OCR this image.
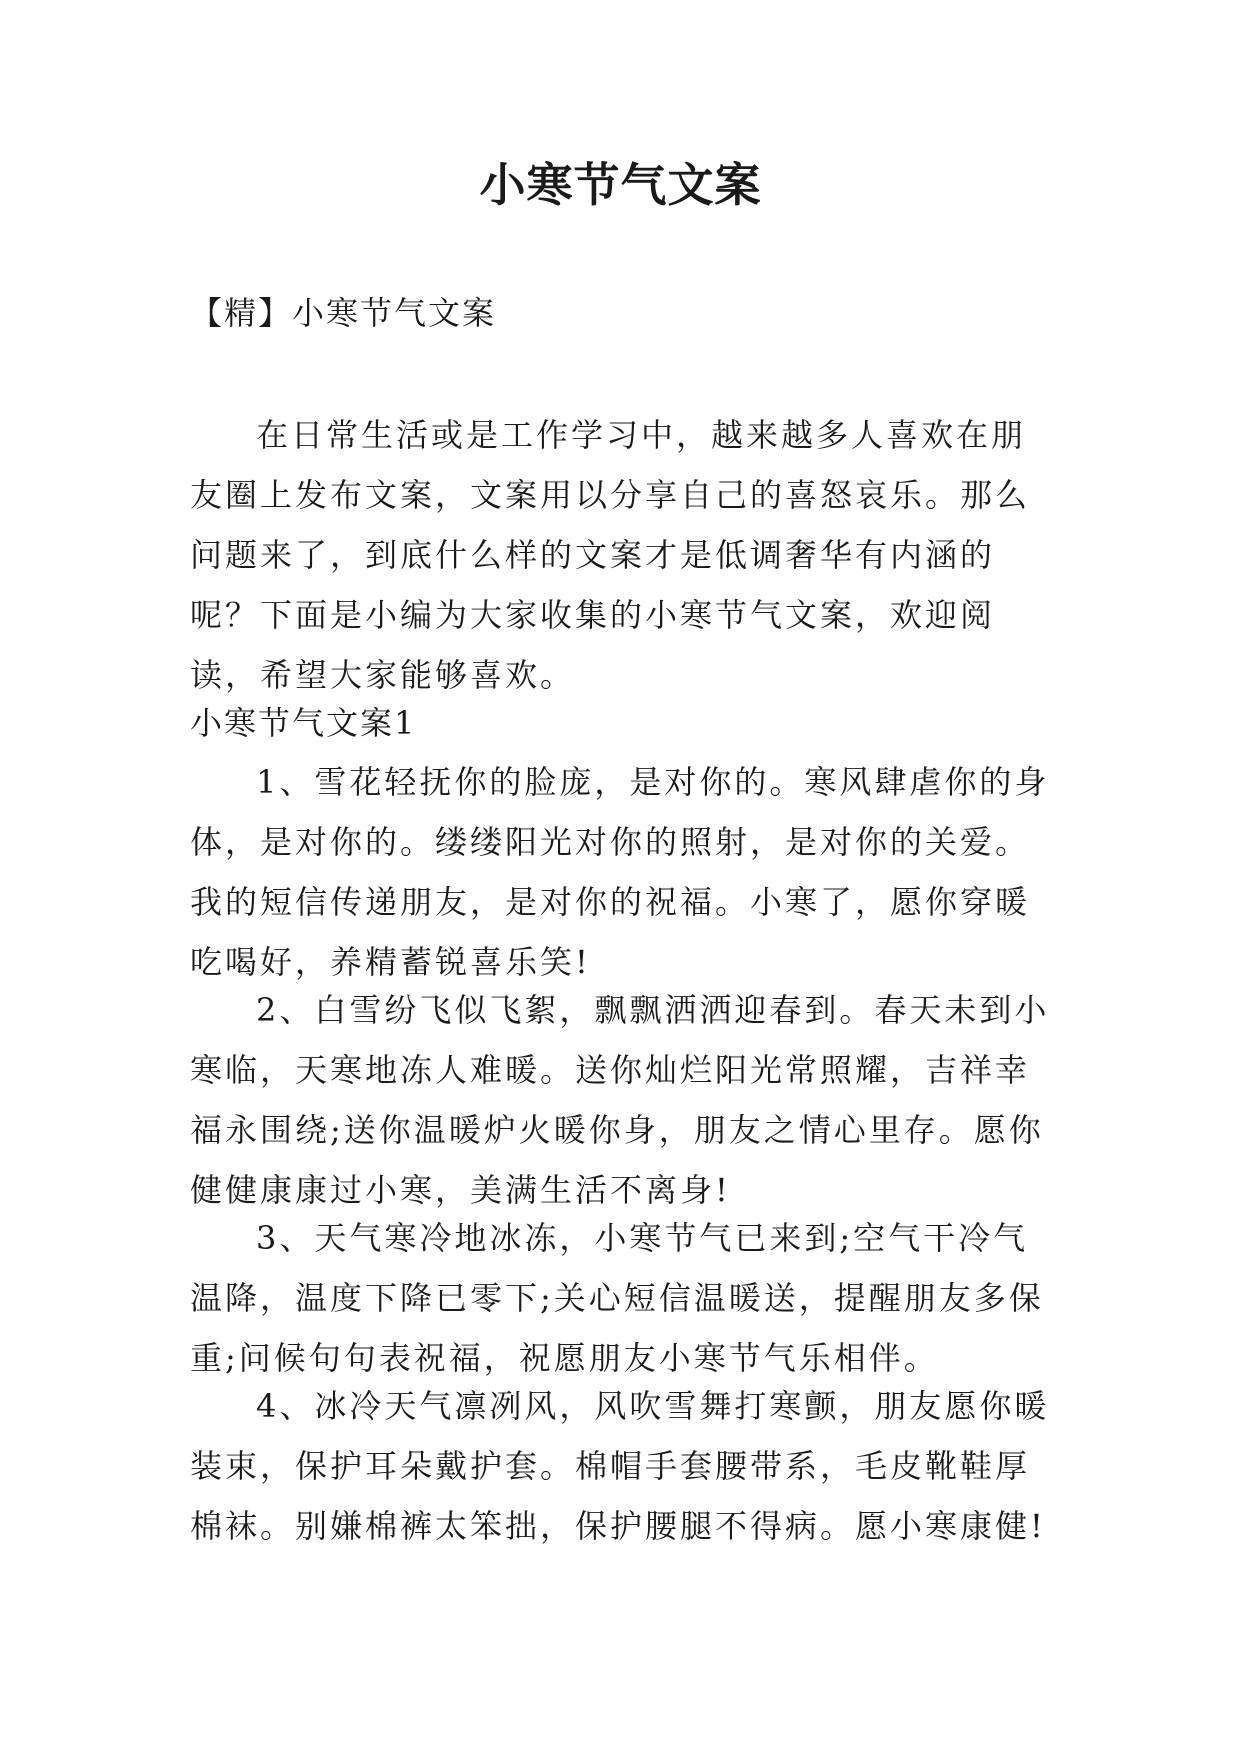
小寒节气文案

【精】小寒节气文案

在日常生活或是工作学习中，越来越多人喜欢在朋友圈上发布文案，文案用以分享自己的喜怒哀乐。那么问题来了，到底什么样的文案才是低调奢华有内涵的呢？下面是小编为大家收集的小寒节气文案，欢迎阅读，希望大家能够喜欢。

小寒节气文案1

1、雪花轻抚你的脸庞，是对你的。寒风肆虐你的身体，是对你的。缕缕阳光对你的照射，是对你的关爱。我的短信传递朋友，是对你的祝福。小寒了，愿你穿暖吃喝好，养精蓄锐喜乐笑!

2、白雪纷飞似飞絮，飘飘洒洒迎春到。春天未到小寒临，天寒地冻人难暖。送你灿烂阳光常照耀，吉祥幸福永围绕;送你温暖炉火暖你身，朋友之情心里存。愿你健健康康过小寒，美满生活不离身!

3、天气寒冷地冰冻，小寒节气已来到;空气干冷气温降，温度下降已零下;关心短信温暖送，提醒朋友多保重;问候句句表祝福，祝愿朋友小寒节气乐相伴。

4、冰冷天气凛冽风，风吹雪舞打寒颤，朋友愿你暖装束，保护耳朵戴护套。棉帽手套腰带系，毛皮靴鞋厚棉袜。别嫌棉裤太笨拙，保护腰腿不得病。愿小寒康健!
